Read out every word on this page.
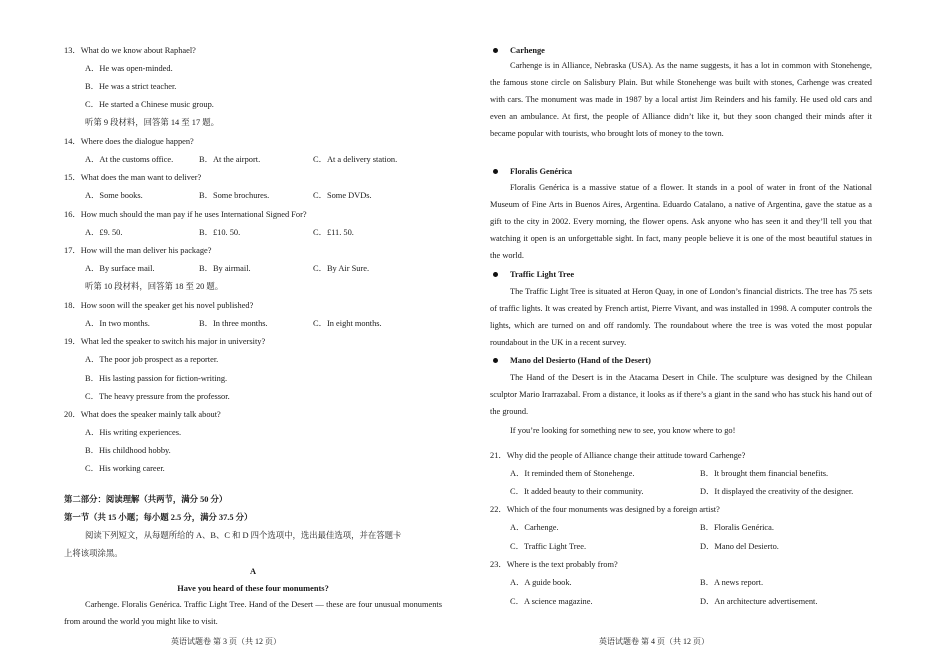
13．What do we know about Raphael?
A．He was open-minded.
B．He was a strict teacher.
C．He started a Chinese music group.
听第 9 段材料，回答第 14 至 17 题。
14．Where does the dialogue happen?
A．At the customs office.	B．At the airport.	C．At a delivery station.
15．What does the man want to deliver?
A．Some books.	B．Some brochures.	C．Some DVDs.
16．How much should the man pay if he uses International Signed For?
A．£9. 50.	B．£10. 50.	C．£11. 50.
17．How will the man deliver his package?
A．By surface mail.	B．By airmail.	C．By Air Sure.
听第 10 段材料，回答第 18 至 20 题。
18．How soon will the speaker get his novel published?
A．In two months.	B．In three months.	C．In eight months.
19．What led the speaker to switch his major in university?
A．The poor job prospect as a reporter.
B．His lasting passion for fiction-writing.
C．The heavy pressure from the professor.
20．What does the speaker mainly talk about?
A．His writing experiences.
B．His childhood hobby.
C．His working career.
第二部分：阅读理解（共两节，满分 50 分）
第一节（共 15 小题；每小题 2.5 分，满分 37.5 分）
阅读下列短文，从每题所给的 A、B、C 和 D 四个选项中，选出最佳选项，并在答题卡
上将该项涂黑。
A
Have you heard of these four monuments?
Carhenge. Floralis Genérica. Traffic Light Tree. Hand of the Desert — these are four unusual monuments from around the world you might like to visit.
英语试题卷 第 3 页（共 12 页）
Carhenge
Carhenge is in Alliance, Nebraska (USA). As the name suggests, it has a lot in common with Stonehenge, the famous stone circle on Salisbury Plain. But while Stonehenge was built with stones, Carhenge was created with cars. The monument was made in 1987 by a local artist Jim Reinders and his family. He used old cars and even an ambulance. At first, the people of Alliance didn’t like it, but they soon changed their minds after it became popular with tourists, who brought lots of money to the town.
Floralis Genérica
Floralis Genérica is a massive statue of a flower. It stands in a pool of water in front of the National Museum of Fine Arts in Buenos Aires, Argentina. Eduardo Catalano, a native of Argentina, gave the statue as a gift to the city in 2002. Every morning, the flower opens. Ask anyone who has seen it and they’ll tell you that watching it open is an unforgettable sight. In fact, many people believe it is one of the most beautiful statues in the world.
Traffic Light Tree
The Traffic Light Tree is situated at Heron Quay, in one of London’s financial districts. The tree has 75 sets of traffic lights. It was created by French artist, Pierre Vivant, and was installed in 1998. A computer controls the lights, which are turned on and off randomly. The roundabout where the tree is was voted the most popular roundabout in the UK in a recent survey.
Mano del Desierto (Hand of the Desert)
The Hand of the Desert is in the Atacama Desert in Chile. The sculpture was designed by the Chilean sculptor Mario Irarrazabal. From a distance, it looks as if there’s a giant in the sand who has stuck his hand out of the ground.
If you’re looking for something new to see, you know where to go!
21．Why did the people of Alliance change their attitude toward Carhenge?
A．It reminded them of Stonehenge.	B．It brought them financial benefits.
C．It added beauty to their community.	D．It displayed the creativity of the designer.
22．Which of the four monuments was designed by a foreign artist?
A．Carhenge.	B．Floralis Genérica.
C．Traffic Light Tree.	D．Mano del Desierto.
23．Where is the text probably from?
A．A guide book.	B．A news report.
C．A science magazine.	D．An architecture advertisement.
英语试题卷 第 4 页（共 12 页）
